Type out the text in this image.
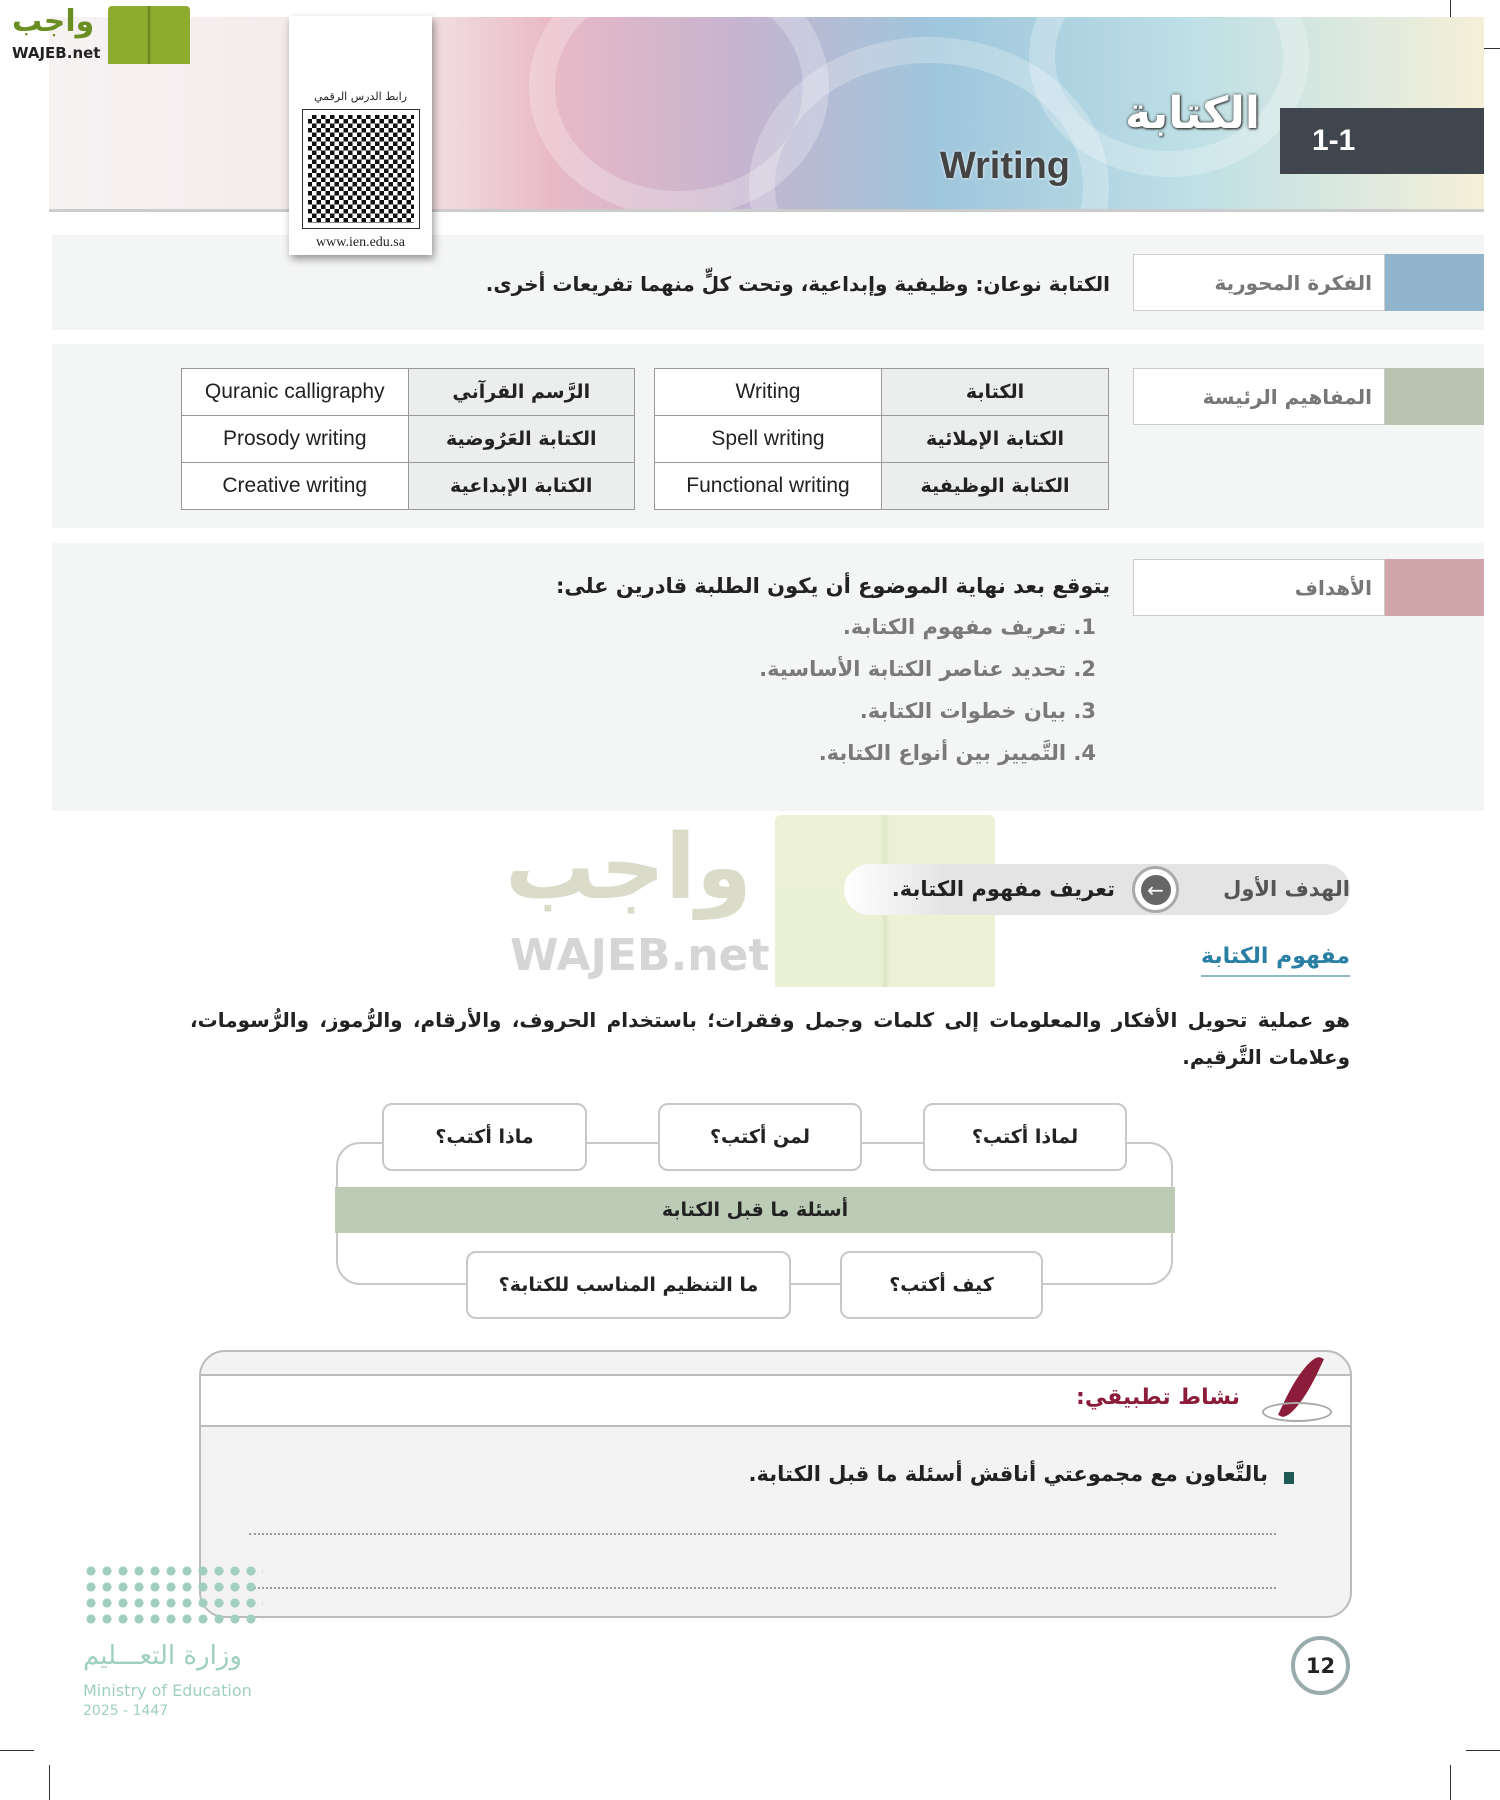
1-1
الكتابة
Writing
واجب
WAJEB.net
الفكرة المحورية
الكتابة نوعان: وظيفية وإبداعية، وتحت كلٍّ منهما تفريعات أخرى.
رابط الدرس الرقمي
www.ien.edu.sa
المفاهيم الرئيسة
Writing	الكتابة
Spell writing	الكتابة الإملائية
Functional writing	الكتابة الوظيفية
Quranic calligraphy	الرَّسم القرآني
Prosody writing	الكتابة العَرُوضية
Creative writing	الكتابة الإبداعية
الأهداف
يتوقع بعد نهاية الموضوع أن يكون الطلبة قادرين على:
1. تعريف مفهوم الكتابة.
2. تحديد عناصر الكتابة الأساسية.
3. بيان خطوات الكتابة.
4. التَّمييز بين أنواع الكتابة.
واجب
WAJEB.net
الهدف الأول
←
تعريف مفهوم الكتابة.
مفهوم الكتابة
هو عملية تحويل الأفكار والمعلومات إلى كلمات وجمل وفقرات؛ باستخدام الحروف، والأرقام، والرُّموز، والرُّسومات، وعلامات التَّرقيم.
أسئلة ما قبل الكتابة
لماذا أكتب؟
لمن أكتب؟
ماذا أكتب؟
كيف أكتب؟
ما التنظيم المناسب للكتابة؟
نشاط تطبيقي:
بالتَّعاون مع مجموعتي أناقش أسئلة ما قبل الكتابة.
12
وزارة التعـــليم
Ministry of Education
2025 - 1447
